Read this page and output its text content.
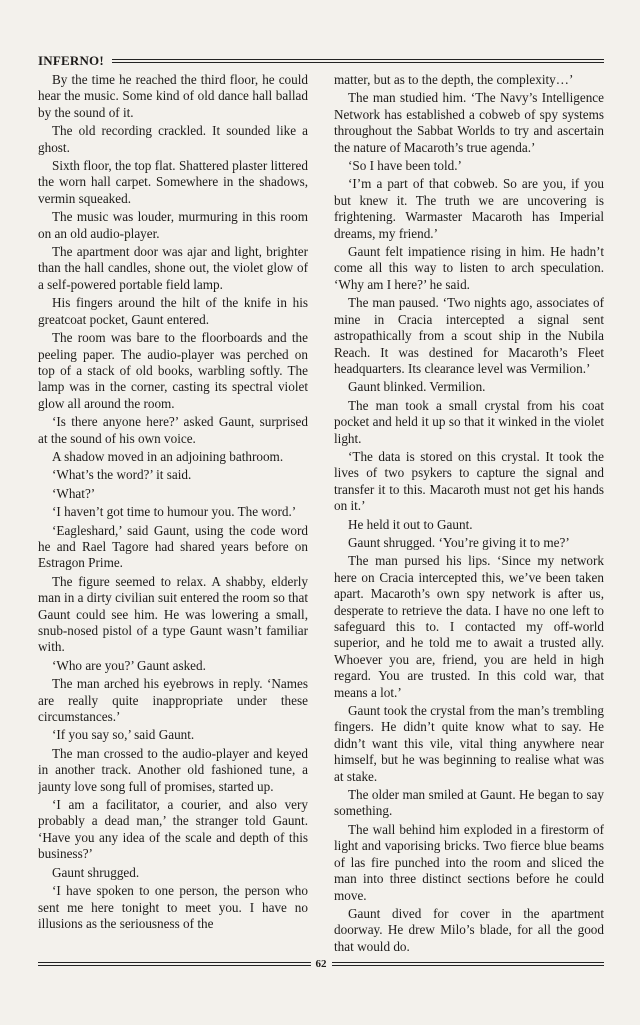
INFERNO!

By the time he reached the third floor, he could hear the music. Some kind of old dance hall ballad by the sound of it.

The old recording crackled. It sounded like a ghost.

Sixth floor, the top flat. Shattered plaster littered the worn hall carpet. Somewhere in the shadows, vermin squeaked.

The music was louder, murmuring in this room on an old audio-player.

The apartment door was ajar and light, brighter than the hall candles, shone out, the violet glow of a self-powered portable field lamp.

His fingers around the hilt of the knife in his greatcoat pocket, Gaunt entered.

The room was bare to the floorboards and the peeling paper. The audio-player was perched on top of a stack of old books, warbling softly. The lamp was in the corner, casting its spectral violet glow all around the room.

‘Is there anyone here?’ asked Gaunt, surprised at the sound of his own voice.

A shadow moved in an adjoining bathroom.

‘What’s the word?’ it said.

‘What?’

‘I haven’t got time to humour you. The word.’

‘Eagleshard,’ said Gaunt, using the code word he and Rael Tagore had shared years before on Estragon Prime.

The figure seemed to relax. A shabby, elderly man in a dirty civilian suit entered the room so that Gaunt could see him. He was lowering a small, snub-nosed pistol of a type Gaunt wasn’t familiar with.

‘Who are you?’ Gaunt asked.

The man arched his eyebrows in reply. ‘Names are really quite inappropriate under these circumstances.’

‘If you say so,’ said Gaunt.

The man crossed to the audio-player and keyed in another track. Another old fashioned tune, a jaunty love song full of promises, started up.

‘I am a facilitator, a courier, and also very probably a dead man,’ the stranger told Gaunt. ‘Have you any idea of the scale and depth of this business?’

Gaunt shrugged.

‘I have spoken to one person, the person who sent me here tonight to meet you. I have no illusions as the seriousness of the

matter, but as to the depth, the complexity…’

The man studied him. ‘The Navy’s Intelligence Network has established a cobweb of spy systems throughout the Sabbat Worlds to try and ascertain the nature of Macaroth’s true agenda.’

‘So I have been told.’

‘I’m a part of that cobweb. So are you, if you but knew it. The truth we are uncovering is frightening. Warmaster Macaroth has Imperial dreams, my friend.’

Gaunt felt impatience rising in him. He hadn’t come all this way to listen to arch speculation. ‘Why am I here?’ he said.

The man paused. ‘Two nights ago, associates of mine in Cracia intercepted a signal sent astropathically from a scout ship in the Nubila Reach. It was destined for Macaroth’s Fleet headquarters. Its clearance level was Vermilion.’

Gaunt blinked. Vermilion.

The man took a small crystal from his coat pocket and held it up so that it winked in the violet light.

‘The data is stored on this crystal. It took the lives of two psykers to capture the signal and transfer it to this. Macaroth must not get his hands on it.’

He held it out to Gaunt.

Gaunt shrugged. ‘You’re giving it to me?’

The man pursed his lips. ‘Since my network here on Cracia intercepted this, we’ve been taken apart. Macaroth’s own spy network is after us, desperate to retrieve the data. I have no one left to safeguard this to. I contacted my off-world superior, and he told me to await a trusted ally. Whoever you are, friend, you are held in high regard. You are trusted. In this cold war, that means a lot.’

Gaunt took the crystal from the man’s trembling fingers. He didn’t quite know what to say. He didn’t want this vile, vital thing anywhere near himself, but he was beginning to realise what was at stake.

The older man smiled at Gaunt. He began to say something.

The wall behind him exploded in a firestorm of light and vaporising bricks. Two fierce blue beams of las fire punched into the room and sliced the man into three distinct sections before he could move.

Gaunt dived for cover in the apartment doorway. He drew Milo’s blade, for all the good that would do.

62
